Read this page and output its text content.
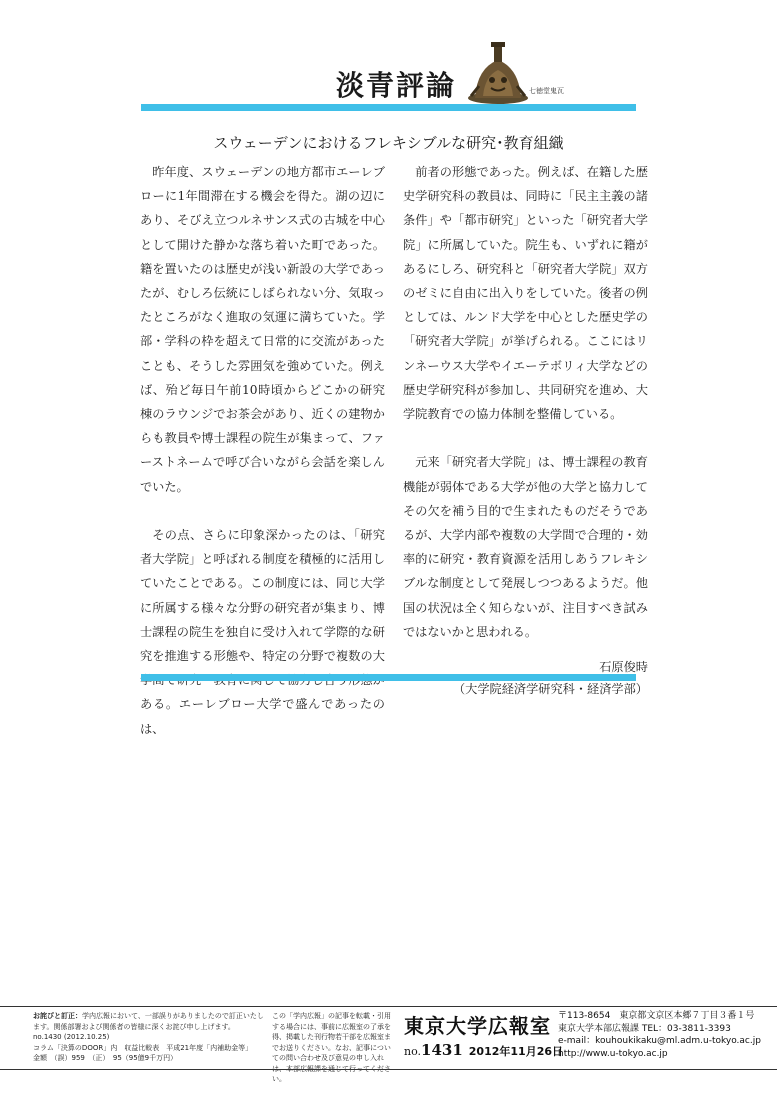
淡青評論	七徳堂鬼瓦
スウェーデンにおけるフレキシブルな研究･教育組織

昨年度、スウェーデンの地方都市エーレブローに1年間滞在する機会を得た。湖の辺にあり、そびえ立つルネサンス式の古城を中心として開けた静かな落ち着いた町であった。籍を置いたのは歴史が浅い新設の大学であったが、むしろ伝統にしばられない分、気取ったところがなく進取の気運に満ちていた。学部・学科の枠を超えて日常的に交流があったことも、そうした雰囲気を強めていた。例えば、殆ど毎日午前10時頃からどこかの研究棟のラウンジでお茶会があり、近くの建物からも教員や博士課程の院生が集まって、ファーストネームで呼び合いながら会話を楽しんでいた。

その点、さらに印象深かったのは、「研究者大学院」と呼ばれる制度を積極的に活用していたことである。この制度には、同じ大学に所属する様々な分野の研究者が集まり、博士課程の院生を独自に受け入れて学際的な研究を推進する形態や、特定の分野で複数の大 ある。エーレブロー大学で盛んであったのは、

前者の形態であった。例えば、在籍した歴史学研究科の教員は、同時に「民主主義の諸条件」や「都市研究」といった「研究者大学院」に所属していた。院生も、いずれに籍があるにしろ、研究科と「研究者大学院」双方のゼミに自由に出入りをしていた。後者の例としては、ルンド大学を中心とした歴史学の「研究者大学院」が挙げられる。ここにはリンネーウス大学やイエーテボリィ大学などの歴史学研究科が参加し、共同研究を進め、大学院教育での協力体制を整備している。

元来「研究者大学院」は、博士課程の教育機能が弱体である大学が他の大学と協力してその欠を補う目的で生まれたものだそうであるが、大学内部や複数の大学間で合理的・効率的に研究・教育資源を活用しあうフレキシブルな制度として発展しつつあるようだ。他国の状況は全く知らないが、注目すべき試みではないかと思われる。

石原俊時
（大学院経済学研究科・経済学部）
お詫びと訂正：学内広報において、一部誤りがありましたので訂正いたします。関係部署および関係者の皆様に深くお詫び申し上げます。
no.1430 (2012.10.25)
コラム「決算のDOOR」内　収益比較表　平成21年度「内補助金等」
金額　（誤）959　（正）　95（95億9千万円）
この「学内広報」の記事を転載・引用する場合には、事前に広報室の了承を得、掲載した刊行物若干部を広報室までお送りください。なお、記事についての問い合わせ及び意見の申し入れ い。
東京大学広報室
no.1431 2012年11月26日
〒113-8654　東京都文京区本郷７丁目３番１号
東京大学本部広報課 TEL：03-3811-3393
e-mail：kouhoukikaku@ml.adm.u-tokyo.ac.jp
http://www.u-tokyo.ac.jp
